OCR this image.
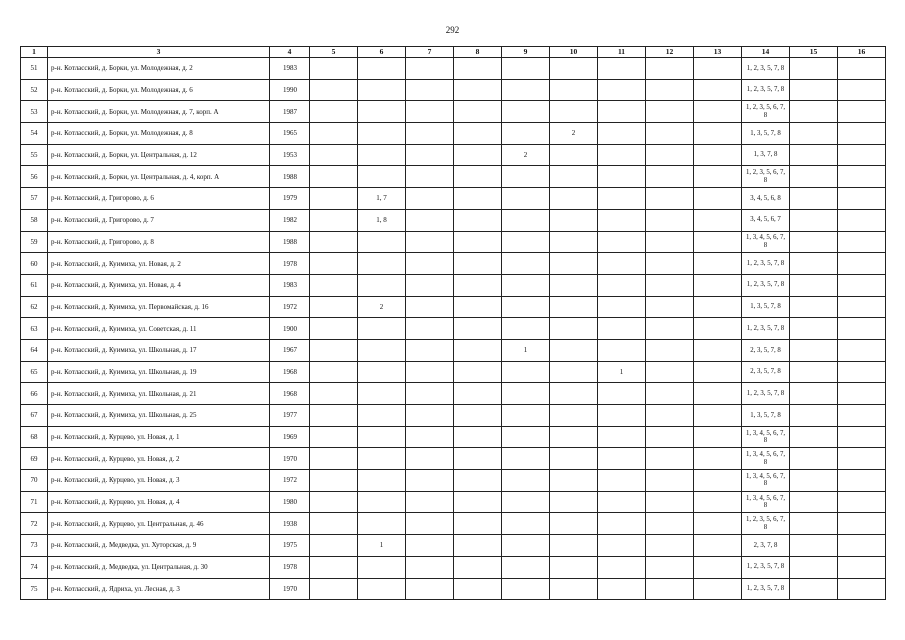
292
1	3	4	5	6	7	8	9	10	11	12	13	14	15	16
51	р-н. Котласский, д. Борки, ул. Молодежная, д. 2	1983										1, 2, 3, 5, 7, 8		
52	р-н. Котласский, д. Борки, ул. Молодежная, д. 6	1990										1, 2, 3, 5, 7, 8		
53	р-н. Котласский, д. Борки, ул. Молодежная, д. 7, корп. А	1987										1, 2, 3, 5, 6, 7, 8		
54	р-н. Котласский, д. Борки, ул. Молодежная, д. 8	1965						2				1, 3, 5, 7, 8		
55	р-н. Котласский, д. Борки, ул. Центральная, д. 12	1953					2					1, 3, 7, 8		
56	р-н. Котласский, д. Борки, ул. Центральная, д. 4, корп. А	1988										1, 2, 3, 5, 6, 7, 8		
57	р-н. Котласский, д. Григорово, д. 6	1979		1, 7								3, 4, 5, 6, 8		
58	р-н. Котласский, д. Григорово, д. 7	1982		1, 8								3, 4, 5, 6, 7		
59	р-н. Котласский, д. Григорово, д. 8	1988										1, 3, 4, 5, 6, 7, 8		
60	р-н. Котласский, д. Куимиха, ул. Новая, д. 2	1978										1, 2, 3, 5, 7, 8		
61	р-н. Котласский, д. Куимиха, ул. Новая, д. 4	1983										1, 2, 3, 5, 7, 8		
62	р-н. Котласский, д. Куимиха, ул. Первомайская, д. 16	1972		2								1, 3, 5, 7, 8		
63	р-н. Котласский, д. Куимиха, ул. Советская, д. 11	1900										1, 2, 3, 5, 7, 8		
64	р-н. Котласский, д. Куимиха, ул. Школьная, д. 17	1967					1					2, 3, 5, 7, 8		
65	р-н. Котласский, д. Куимиха, ул. Школьная, д. 19	1968							1			2, 3, 5, 7, 8		
66	р-н. Котласский, д. Куимиха, ул. Школьная, д. 21	1968										1, 2, 3, 5, 7, 8		
67	р-н. Котласский, д. Куимиха, ул. Школьная, д. 25	1977										1, 3, 5, 7, 8		
68	р-н. Котласский, д. Курцево, ул. Новая, д. 1	1969										1, 3, 4, 5, 6, 7, 8		
69	р-н. Котласский, д. Курцево, ул. Новая, д. 2	1970										1, 3, 4, 5, 6, 7, 8		
70	р-н. Котласский, д. Курцево, ул. Новая, д. 3	1972										1, 3, 4, 5, 6, 7, 8		
71	р-н. Котласский, д. Курцево, ул. Новая, д. 4	1980										1, 3, 4, 5, 6, 7, 8		
72	р-н. Котласский, д. Курцево, ул. Центральная, д. 46	1938										1, 2, 3, 5, 6, 7, 8		
73	р-н. Котласский, д. Медведка, ул. Хуторская, д. 9	1975		1								2, 3, 7, 8		
74	р-н. Котласский, д. Медведка, ул. Центральная, д. 30	1978										1, 2, 3, 5, 7, 8		
75	р-н. Котласский, д. Ядриха, ул. Лесная, д. 3	1970										1, 2, 3, 5, 7, 8		
